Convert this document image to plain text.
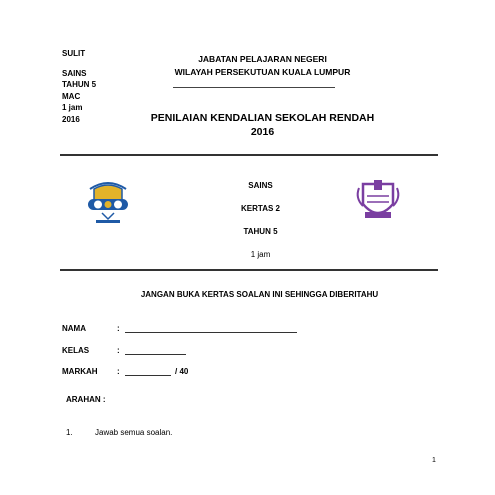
SULIT
SAINS
TAHUN 5
MAC
1 jam
2016
JABATAN PELAJARAN NEGERI
WILAYAH PERSEKUTUAN KUALA LUMPUR
PENILAIAN KENDALIAN SEKOLAH RENDAH
2016
SAINS
KERTAS 2
TAHUN 5
1 jam
JANGAN BUKA KERTAS SOALAN INI SEHINGGA DIBERITAHU
NAMA	:
KELAS	:
MARKAH :	/ 40
ARAHAN :
1.	Jawab semua soalan.
1
